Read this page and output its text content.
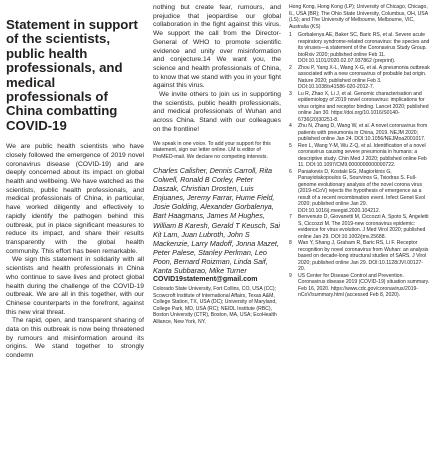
Statement in support of the scientists, public health professionals, and medical professionals of China combatting COVID-19

We are public health scientists who have closely followed the emergence of 2019 novel coronavirus disease (COVID-19) and are deeply concerned about its impact on global health and wellbeing. We have watched as the scientists, public health professionals, and medical professionals of China, in particular, have worked diligently and effectively to rapidly identify the pathogen behind this outbreak, put in place significant measures to reduce its impact, and share their results transparently with the global health community. This effort has been remarkable.

We sign this statement in solidarity with all scientists and health professionals in China who continue to save lives and protect global health during the challenge of the COVID-19 outbreak. We are all in this together, with our Chinese counterparts in the forefront, against this new viral threat.

The rapid, open, and transparent sharing of data on this outbreak is now being threatened by rumours and misinformation around its origins. We stand together to strongly condemn

nothing but create fear, rumours, and prejudice that jeopardise our global collaboration in the fight against this virus. We support the call from the Director-General of WHO to promote scientific evidence and unity over misinformation and conjecture.14 We want you, the science and health professionals of China, to know that we stand with you in your fight against this virus.

We invite others to join us in supporting the scientists, public health professionals, and medical professionals of Wuhan and across China. Stand with our colleagues on the frontline!

We speak in one voice. To add your support for this statement, sign our letter online. LM is editor of ProMED-mail. We declare no competing interests.

Charles Calisher, Dennis Carroll, Rita Colwell, Ronald B Corley, Peter Daszak, Christian Drosten, Luis Enjuanes, Jeremy Farrar, Hume Field, Josie Golding, Alexander Gorbalenya, Bart Haagmans, James M Hughes, William B Karesh, Gerald T Keusch, Sai Kit Lam, Juan Lubroth, John S Mackenzie, Larry Madoff, Jonna Mazet, Peter Palese, Stanley Perlman, Leo Poon, Bernard Roizman, Linda Saif, Kanta Subbarao, Mike Turner

COVID19statement@gmail.com

Colorado State University, Fort Collins, CO, USA (CC); Scowcroft Institute of International Affairs, Texas A&M, College Station, TX, USA (DC); University of Maryland, College Park, MD, USA (RC); NEIDL Institute (RBC), Boston University (CTR), Boston, MA, USA; EcoHealth Alliance, New York, NY,

Hong Kong, Hong Kong (LP); University of Chicago, Chicago, IL, USA (BR); The Ohio State University, Columbus, OH, USA (LS); and The University of Melbourne, Melbourne, VIC, Australia (KS)

1	Gorbalenya AE, Baker SC, Baric RS, et al. Severe acute respiratory syndrome-related coronavirus: the species and its viruses—a statement of the Coronavirus Study Group. bioRxiv 2020; published online Feb 11. DOI:10.1101/2020.02.07.937862 (preprint).
2	Zhou P, Yang X-L, Wang X-G, et al. A pneumonia outbreak associated with a new coronavirus of probable bat origin. Nature 2020; published online Feb 3. DOI:10.1038/s41586-020-2012-7.
3	Lu R, Zhao X, Li J, et al. Genomic characterisation and epidemiology of 2019 novel coronavirus: implications for virus origins and receptor binding. Lancet 2020; published online Jan 30. https://doi.org/10.1016/S0140-6736(20)30251-8.
4	Zhu N, Zhang D, Wang W, et al. A novel coronavirus from patients with pneumonia in China, 2019. NEJM 2020; published online Jan 24. DOI:10.1056/NEJMoa2001017.
5	Ren L, Wang Y-M, Wu Z-Q, et al. Identification of a novel coronavirus causing severe pneumonia in humans: a descriptive study. Chin Med J 2020; published online Feb 11. DOI:10.1097/CM9.0000000000000722.
6	Paraskevis D, Kostaki EG, Magiorkinis G, Panayiotakopoulos G, Sourvinos G, Tsiodras S. Full-genome evolutionary analysis of the novel corona virus (2019-nCoV) rejects the hypothesis of emergence as a result of a recent recombination event. Infect Genet Evol 2020; published online Jan 29. DOI:10.1016/j.meegid.2020.104212.
7	Benvenuto D, Giovanetti M, Ciccozzi A, Spoto S, Angeletti S, Ciccozzi M. The 2019-new coronavirus epidemic: evidence for virus evolution. J Med Virol 2020; published online Jan 29. DOI:10.1002/jmv.25688.
8	Wan Y, Shang J, Graham R, Baric RS, Li F. Receptor recognition by novel coronavirus from Wuhan: an analysis based on decade-long structural studies of SARS. J Virol 2020; published online Jan 29. DOI:10.1128/JVI.00127-20.
9	US Center for Disease Control and Prevention. Coronavirus disease 2019 (COVID-19) situation summary. Feb 16, 2020. https://www.cdc.gov/coronavirus/2019-nCoV/summary.html (accessed Feb 8, 2020).
